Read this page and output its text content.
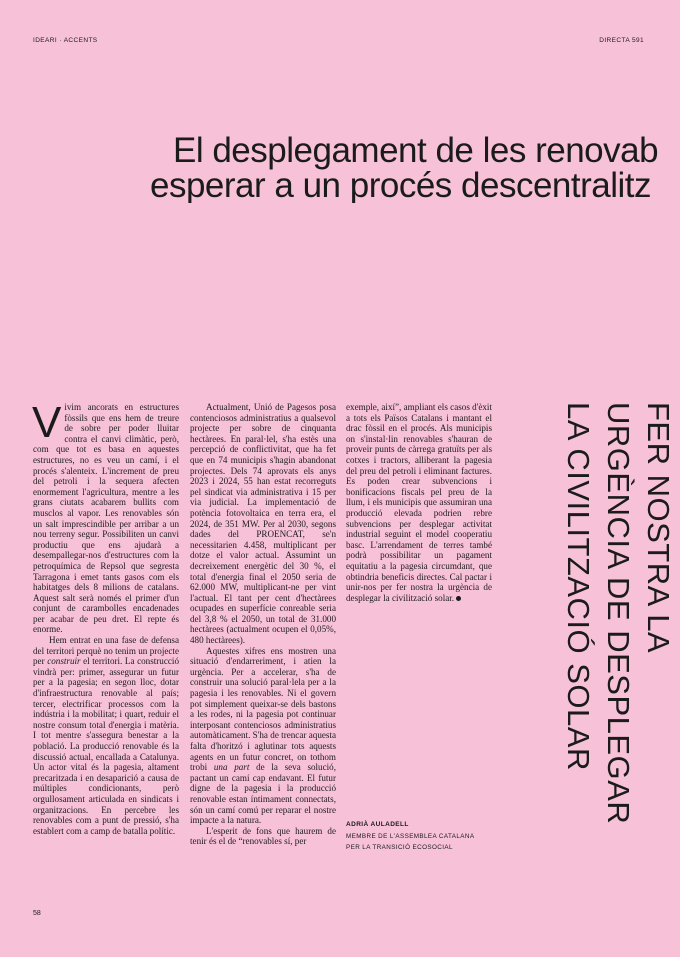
IDEARI · ACCENTS	DIRECTA 591
El desplegament de les renovab
esperar a un procés descentralitz

Vivim ancorats en estructures fòssils que ens hem de treure de sobre per poder lluitar contra el canvi climàtic, però, com que tot es basa en aquestes estructures, no es veu un camí, i el procés s'alenteix. L'increment de preu del petroli i la sequera afecten enormement l'agricultura, mentre a les grans ciutats acabarem bullits com musclos al vapor. Les renovables són un salt imprescindible per arribar a un nou terreny segur. Possibiliten un canvi productiu que ens ajudarà a desempallegar-nos d'estructures com la petroquímica de Repsol que segresta Tarragona i emet tants gasos com els habitatges dels 8 milions de catalans. Aquest salt serà només el primer d'un conjunt de carambolles encadenades per acabar de peu dret. El repte és enorme.

Hem entrat en una fase de defensa del territori perquè no tenim un projecte per construir el territori. La construcció vindrà per: primer, assegurar un futur per a la pagesia; en segon lloc, dotar d'infraestructura renovable al país; tercer, electrificar processos com la indústria i la mobilitat; i quart, reduir el nostre consum total d'energia i matèria. I tot mentre s'assegura benestar a la població. La producció renovable és la discussió actual, encallada a Catalunya. Un actor vital és la pagesia, altament precaritzada i en desaparició a causa de múltiples condicionants, però orgullosament articulada en sindicats i organitzacions. En percebre les renovables com a punt de pressió, s'ha establert com a camp de batalla polític.

Actualment, Unió de Pagesos posa contenciosos administratius a qualsevol projecte per sobre de cinquanta hectàrees. En paral·lel, s'ha estès una percepció de conflictivitat, que ha fet que en 74 municipis s'hagin abandonat projectes. Dels 74 aprovats els anys 2023 i 2024, 55 han estat recorreguts pel sindicat via administrativa i 15 per via judicial. La implementació de potència fotovoltaica en terra era, el 2024, de 351 MW. Per al 2030, segons dades del PROENCAT, se'n necessitarien 4.458, multiplicant per dotze el valor actual. Assumint un decreixement energètic del 30 %, el total d'energia final el 2050 seria de 62.000 MW, multiplicant-ne per vint l'actual. El tant per cent d'hectàrees ocupades en superfície conreable seria del 3,8 % el 2050, un total de 31.000 hectàrees (actualment ocupen el 0,05%, 480 hectàrees).

Aquestes xifres ens mostren una situació d'endarreriment, i atien la urgència. Per a accelerar, s'ha de construir una solució paral·lela per a la pagesia i les renovables. Ni el govern pot simplement queixar-se dels bastons a les rodes, ni la pagesia pot continuar interposant contenciosos administratius automàticament. S'ha de trencar aquesta falta d'horitzó i aglutinar tots aquests agents en un futur concret, on tothom trobi una part de la seva solució, pactant un camí cap endavant. El futur digne de la pagesia i la producció renovable estan íntimament connectats, són un camí comú per reparar el nostre impacte a la natura.

L'esperit de fons que haurem de tenir és el de “renovables sí, per

exemple, així”, ampliant els casos d'èxit a tots els Països Catalans i mantant el drac fòssil en el procés. Als municipis on s'instal·lin renovables s'hauran de proveir punts de càrrega gratuïts per als cotxes i tractors, alliberant la pagesia del preu del petroli i eliminant factures. Es poden crear subvencions i bonificacions fiscals pel preu de la llum, i els municipis que assumiran una producció elevada podrien rebre subvencions per desplegar activitat industrial seguint el model cooperatiu basc. L'arrendament de terres també podrà possibilitar un pagament equitatiu a la pagesia circumdant, que obtindria beneficis directes. Cal pactar i unir-nos per fer nostra la urgència de desplegar la civilització solar.	FER NOSTRA LA
URGÈNCIA DE DESPLEGAR
LA CIVILITZACIÓ SOLAR
ADRIÀ AULADELL
MEMBRE DE L'ASSEMBLEA CATALANA
PER LA TRANSICIÓ ECOSOCIAL
58
